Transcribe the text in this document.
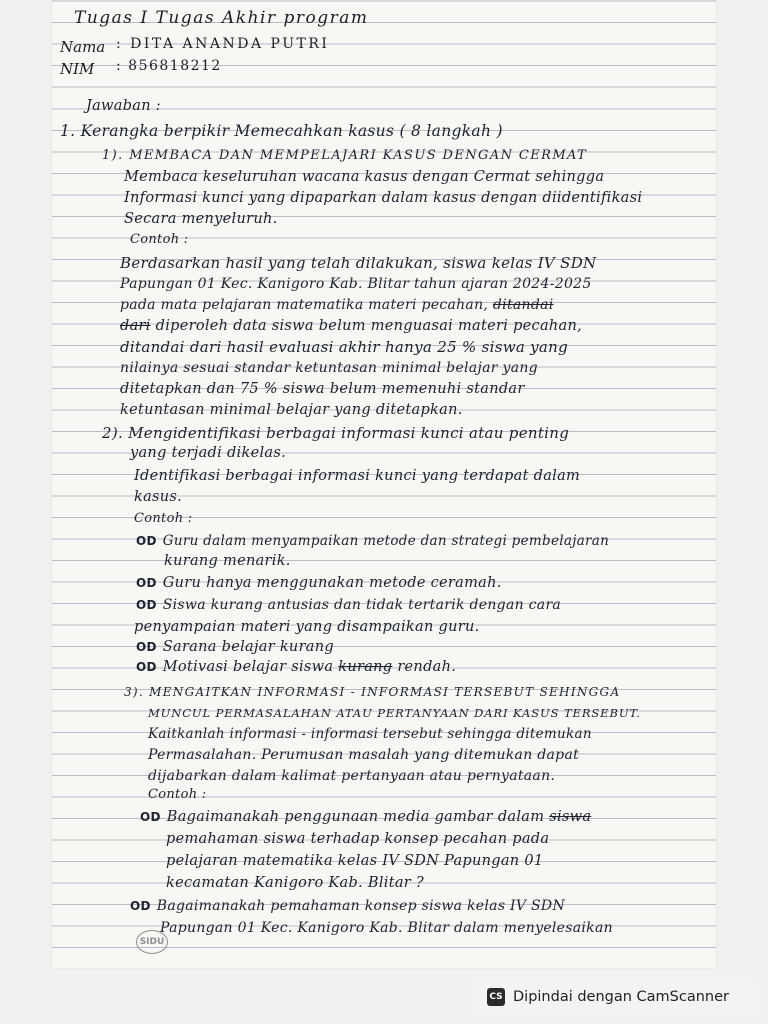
Tugas I Tugas Akhir program
Nama : DITA ANANDA PUTRI
NIM : 856818212
Jawaban :
1. Kerangka berpikir Memecahkan kasus ( 8 langkah )
1). MEMBACA DAN MEMPELAJARI KASUS DENGAN CERMAT
Membaca keseluruhan wacana kasus dengan Cermat sehingga
Informasi kunci yang dipaparkan dalam kasus dengan diidentifikasi
Secara menyeluruh.
Contoh :
Berdasarkan hasil yang telah dilakukan, siswa kelas IV SDN
Papungan 01 Kec. Kanigoro Kab. Blitar tahun ajaran 2024-2025
pada mata pelajaran matematika materi pecahan, ditandai
dari diperoleh data siswa belum menguasai materi pecahan,
ditandai dari hasil evaluasi akhir hanya 25 % siswa yang
nilainya sesuai standar ketuntasan minimal belajar yang
ditetapkan dan 75 % siswa belum memenuhi standar
ketuntasan minimal belajar yang ditetapkan.
2). Mengidentifikasi berbagai informasi kunci atau penting
yang terjadi dikelas.
Identifikasi berbagai informasi kunci yang terdapat dalam
kasus.
Contoh :
OD Guru dalam menyampaikan metode dan strategi pembelajaran
kurang menarik.
OD Guru hanya menggunakan metode ceramah.
OD Siswa kurang antusias dan tidak tertarik dengan cara
penyampaian materi yang disampaikan guru.
OD Sarana belajar kurang
OD Motivasi belajar siswa kurang rendah.
3). MENGAITKAN INFORMASI - INFORMASI TERSEBUT SEHINGGA
MUNCUL PERMASALAHAN ATAU PERTANYAAN DARI KASUS TERSEBUT.
Kaitkanlah informasi - informasi tersebut sehingga ditemukan
Permasalahan. Perumusan masalah yang ditemukan dapat
dijabarkan dalam kalimat pertanyaan atau pernyataan.
Contoh :
OD Bagaimanakah penggunaan media gambar dalam siswa
pemahaman siswa terhadap konsep pecahan pada
pelajaran matematika kelas IV SDN Papungan 01
kecamatan Kanigoro Kab. Blitar ?
OD Bagaimanakah pemahaman konsep siswa kelas IV SDN
Papungan 01 Kec. Kanigoro Kab. Blitar dalam menyelesaikan
SIDU
CS Dipindai dengan CamScanner
